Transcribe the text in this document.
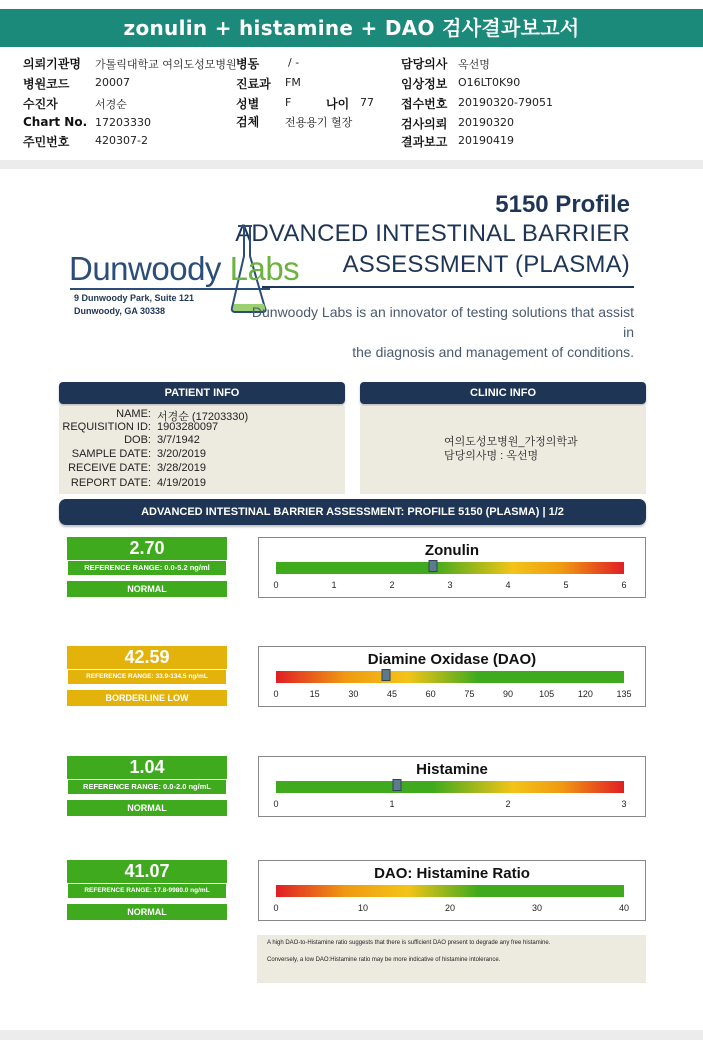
zonulin + histamine + DAO 검사결과보고서
의뢰기관명 가톨릭대학교 여의도성모병원 병동	/ -	담당의사 옥선명
병원코드 20007	진료과 FM	임상정보 O16LT0K90
수진자	서경순	성별 F	나이 77 접수번호 20190320-79051
Chart No. 17203330	검체 전용용기 혈장	검사의뢰 20190320
주민번호 420307-2	결과보고 20190419
5150 Profile
ADVANCED INTESTINAL BARRIER
ASSESSMENT (PLASMA)
Dunwoody Labs
9 Dunwoody Park, Suite 121
Dunwoody, GA 30338	Dunwoody Labs is an innovator of testing solutions that assist in
the diagnosis and management of conditions.
PATIENT INFO
NAME: 서경순 (17203330)
REQUISITION ID: 1903280097
DOB: 3/7/1942
SAMPLE DATE: 3/20/2019
RECEIVE DATE: 3/28/2019
REPORT DATE: 4/19/2019
CLINIC INFO
여의도성모병원_가정의학과
담당의사명 : 옥선명
ADVANCED INTESTINAL BARRIER ASSESSMENT: PROFILE 5150 (PLASMA) | 1/2
2.70
REFERENCE RANGE: 0.0-5.2 ng/ml
NORMAL
Zonulin
0	1	2	3	4	5	6
42.59
REFERENCE RANGE: 33.9-134.5 ng/mL
BORDERLINE LOW
Diamine Oxidase (DAO)
0	15	30	45	60	75	90	105	120	135
1.04
REFERENCE RANGE: 0.0-2.0 ng/mL
NORMAL
Histamine
0	1	2	3
41.07
REFERENCE RANGE: 17.8-9980.0 ng/mL
NORMAL
DAO: Histamine Ratio
0	10	20	30	40
A high DAO-to-Histamine ratio suggests that there is sufficient DAO present to degrade any free histamine.
Conversely, a low DAO:Histamine ratio may be more indicative of histamine intolerance.
